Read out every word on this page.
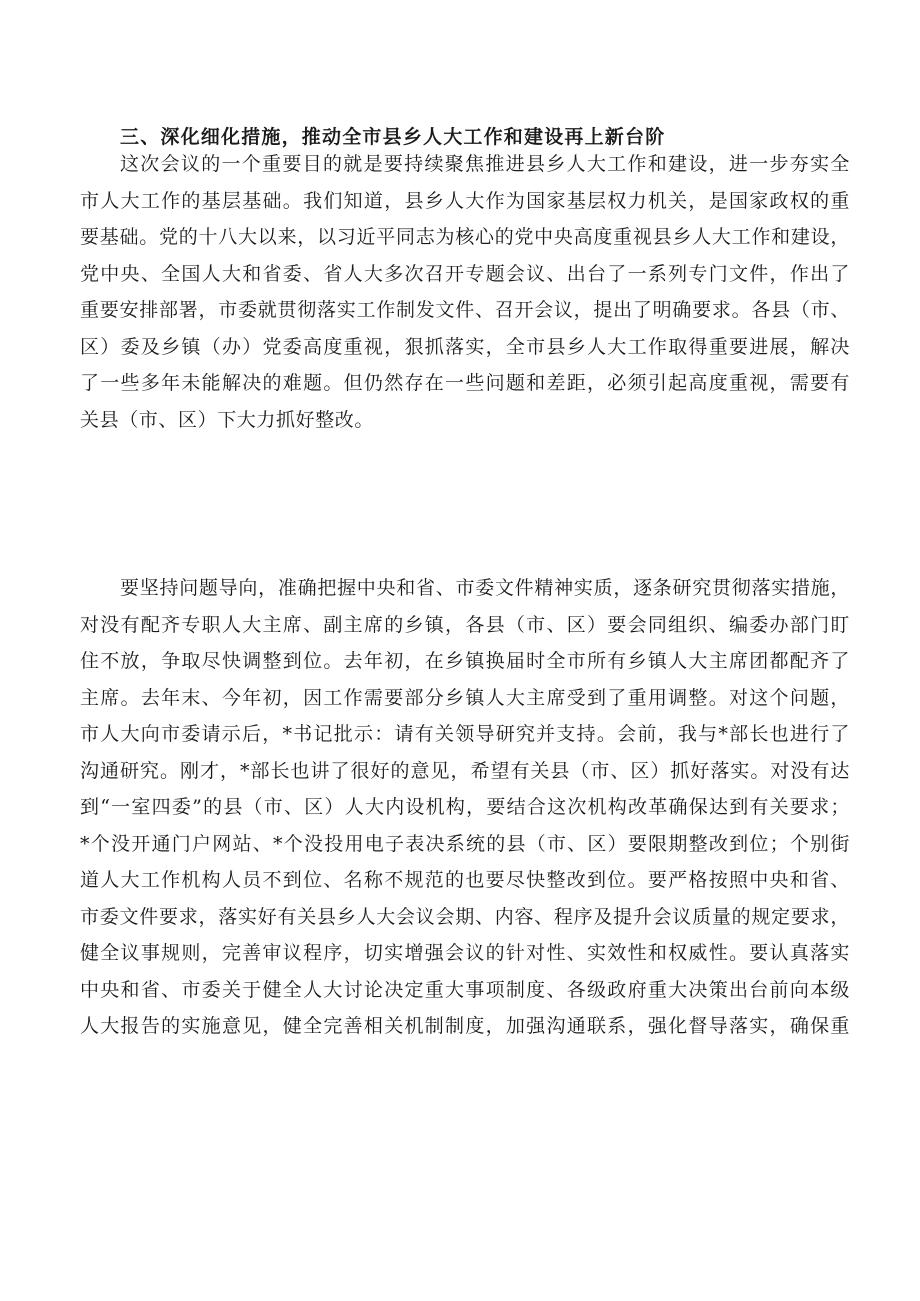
三、深化细化措施，推动全市县乡人大工作和建设再上新台阶
这次会议的一个重要目的就是要持续聚焦推进县乡人大工作和建设，进一步夯实全
市人大工作的基层基础。我们知道，县乡人大作为国家基层权力机关，是国家政权的重
要基础。党的十八大以来，以习近平同志为核心的党中央高度重视县乡人大工作和建设，
党中央、全国人大和省委、省人大多次召开专题会议、出台了一系列专门文件，作出了
重要安排部署，市委就贯彻落实工作制发文件、召开会议，提出了明确要求。各县（市、
区）委及乡镇（办）党委高度重视，狠抓落实，全市县乡人大工作取得重要进展，解决
了一些多年未能解决的难题。但仍然存在一些问题和差距，必须引起高度重视，需要有
关县（市、区）下大力抓好整改。
要坚持问题导向，准确把握中央和省、市委文件精神实质，逐条研究贯彻落实措施，
对没有配齐专职人大主席、副主席的乡镇，各县（市、区）要会同组织、编委办部门盯
住不放，争取尽快调整到位。去年初，在乡镇换届时全市所有乡镇人大主席团都配齐了
主席。去年末、今年初，因工作需要部分乡镇人大主席受到了重用调整。对这个问题，
市人大向市委请示后，*书记批示：请有关领导研究并支持。会前，我与*部长也进行了
沟通研究。刚才，*部长也讲了很好的意见，希望有关县（市、区）抓好落实。对没有达
到“一室四委”的县（市、区）人大内设机构，要结合这次机构改革确保达到有关要求；
*个没开通门户网站、*个没投用电子表决系统的县（市、区）要限期整改到位；个别街
道人大工作机构人员不到位、名称不规范的也要尽快整改到位。要严格按照中央和省、
市委文件要求，落实好有关县乡人大会议会期、内容、程序及提升会议质量的规定要求，
健全议事规则，完善审议程序，切实增强会议的针对性、实效性和权威性。要认真落实
中央和省、市委关于健全人大讨论决定重大事项制度、各级政府重大决策出台前向本级
人大报告的实施意见，健全完善相关机制制度，加强沟通联系，强化督导落实，确保重
